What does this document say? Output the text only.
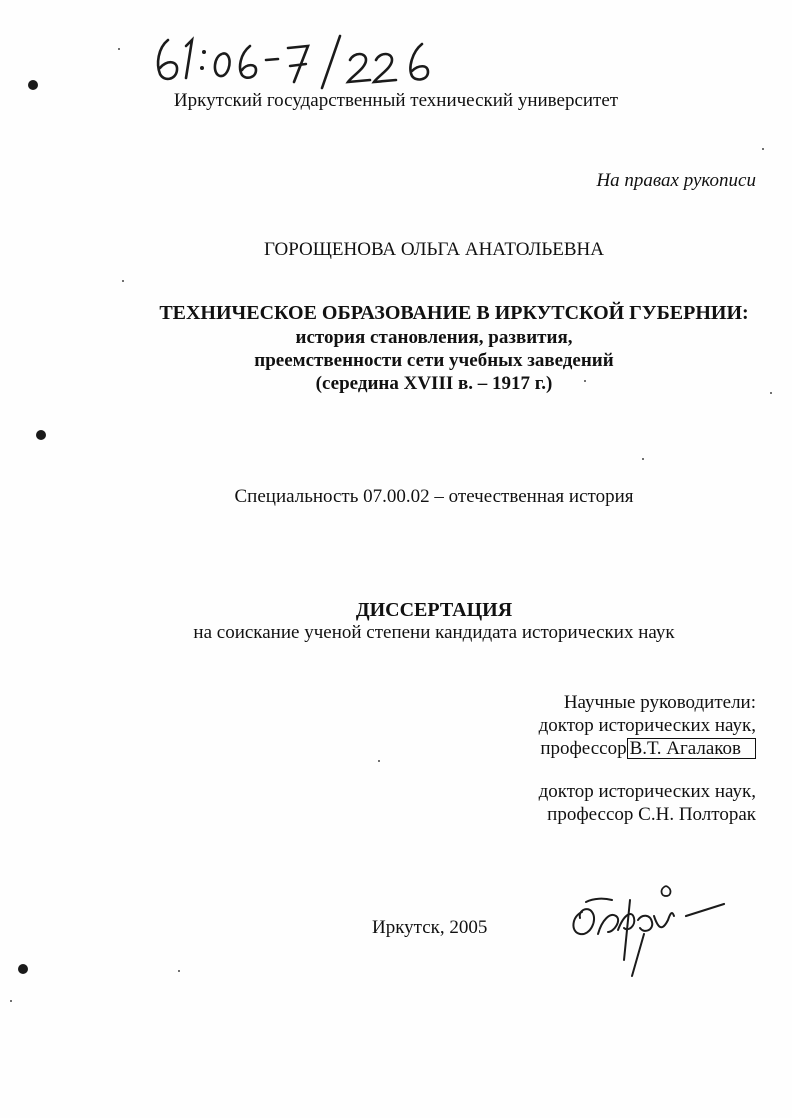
Иркутский государственный технический университет
На правах рукописи
ГОРОЩЕНОВА ОЛЬГА АНАТОЛЬЕВНА
ТЕХНИЧЕСКОЕ ОБРАЗОВАНИЕ В ИРКУТСКОЙ ГУБЕРНИИ:
история становления, развития,
преемственности сети учебных заведений
(середина XVIII в. – 1917 г.)
Специальность 07.00.02 – отечественная история
ДИССЕРТАЦИЯ
на соискание ученой степени кандидата исторических наук
Научные руководители:
доктор исторических наук,
профессор В.Т. Агалаков
доктор исторических наук,
профессор С.Н. Полторак
Иркутск, 2005
